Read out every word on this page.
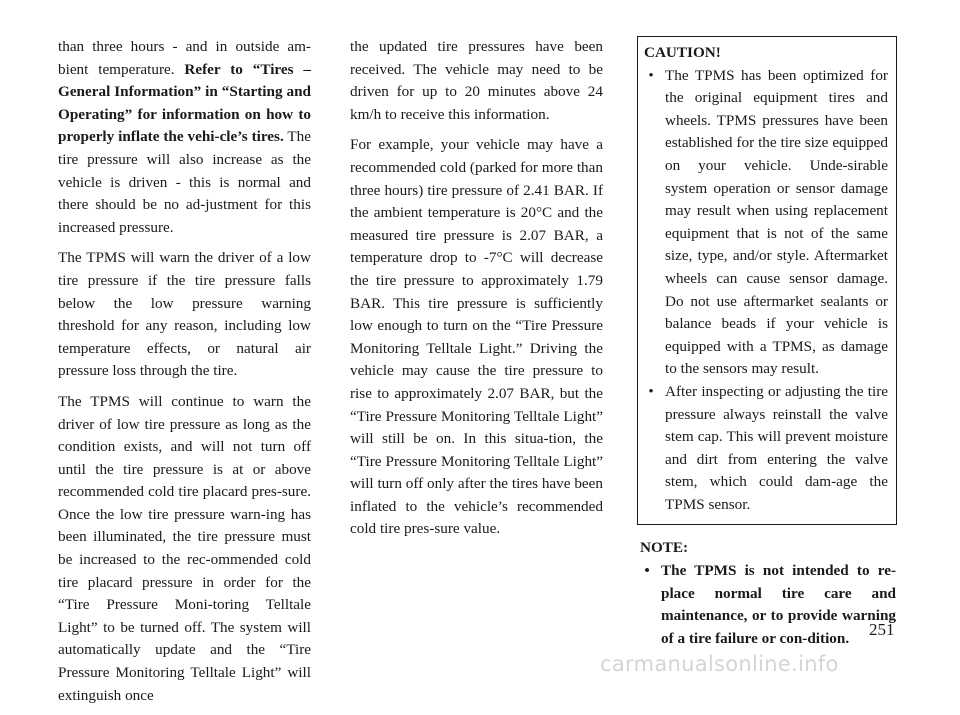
than three hours - and in outside am-bient temperature. Refer to “Tires – General Information” in “Starting and Operating” for information on how to properly inflate the vehi-cle’s tires. The tire pressure will also increase as the vehicle is driven - this is normal and there should be no ad-justment for this increased pressure.

The TPMS will warn the driver of a low tire pressure if the tire pressure falls below the low pressure warning threshold for any reason, including low temperature effects, or natural air pressure loss through the tire.

The TPMS will continue to warn the driver of low tire pressure as long as the condition exists, and will not turn off until the tire pressure is at or above recommended cold tire placard pres-sure. Once the low tire pressure warn-ing has been illuminated, the tire pressure must be increased to the rec-ommended cold tire placard pressure in order for the “Tire Pressure Moni-toring Telltale Light” to be turned off. The system will automatically update and the “Tire Pressure Monitoring Telltale Light” will extinguish once

the updated tire pressures have been received. The vehicle may need to be driven for up to 20 minutes above 24 km/h to receive this information.

For example, your vehicle may have a recommended cold (parked for more than three hours) tire pressure of 2.41 BAR. If the ambient temperature is 20°C and the measured tire pressure is 2.07 BAR, a temperature drop to -7°C will decrease the tire pressure to approximately 1.79 BAR. This tire pressure is sufficiently low enough to turn on the “Tire Pressure Monitoring Telltale Light.” Driving the vehicle may cause the tire pressure to rise to approximately 2.07 BAR, but the “Tire Pressure Monitoring Telltale Light” will still be on. In this situa-tion, the “Tire Pressure Monitoring Telltale Light” will turn off only after the tires have been inflated to the vehicle’s recommended cold tire pres-sure value.

CAUTION!
• The TPMS has been optimized for the original equipment tires and wheels. TPMS pressures have been established for the tire size equipped on your vehicle. Unde-sirable system operation or sensor damage may result when using replacement equipment that is not of the same size, type, and/or style. Aftermarket wheels can cause sensor damage. Do not use aftermarket sealants or balance beads if your vehicle is equipped with a TPMS, as damage to the sensors may result.
• After inspecting or adjusting the tire pressure always reinstall the valve stem cap. This will prevent moisture and dirt from entering the valve stem, which could dam-age the TPMS sensor.
NOTE:
• The TPMS is not intended to re-place normal tire care and maintenance, or to provide warning of a tire failure or con-dition.	251
carmanualsonline.info
